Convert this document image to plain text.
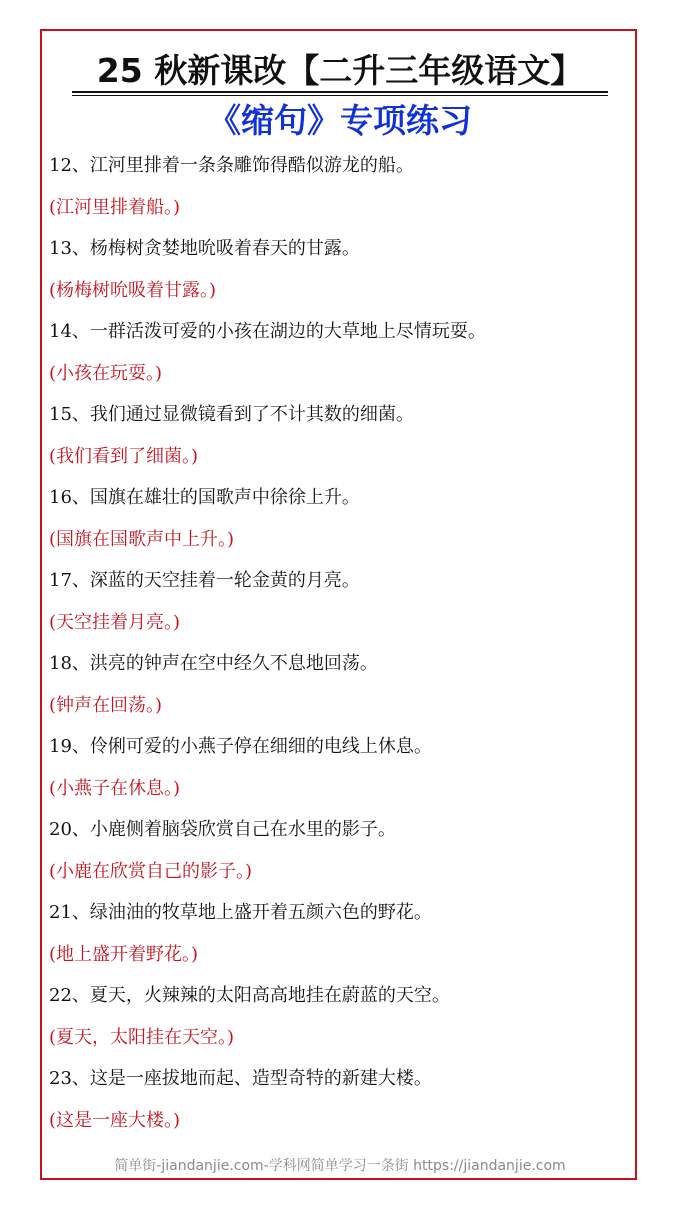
25 秋新课改【二升三年级语文】
《缩句》专项练习
12、江河里排着一条条雕饰得酷似游龙的船。
(江河里排着船。)
13、杨梅树贪婪地吮吸着春天的甘露。
(杨梅树吮吸着甘露。)
14、一群活泼可爱的小孩在湖边的大草地上尽情玩耍。
(小孩在玩耍。)
15、我们通过显微镜看到了不计其数的细菌。
(我们看到了细菌。)
16、国旗在雄壮的国歌声中徐徐上升。
(国旗在国歌声中上升。)
17、深蓝的天空挂着一轮金黄的月亮。
(天空挂着月亮。)
18、洪亮的钟声在空中经久不息地回荡。
(钟声在回荡。)
19、伶俐可爱的小燕子停在细细的电线上休息。
(小燕子在休息。)
20、小鹿侧着脑袋欣赏自己在水里的影子。
(小鹿在欣赏自己的影子。)
21、绿油油的牧草地上盛开着五颜六色的野花。
(地上盛开着野花。)
22、夏天，火辣辣的太阳高高地挂在蔚蓝的天空。
(夏天，太阳挂在天空。)
23、这是一座拔地而起、造型奇特的新建大楼。
(这是一座大楼。)
简单街-jiandanjie.com-学科网简单学习一条街 https://jiandanjie.com
